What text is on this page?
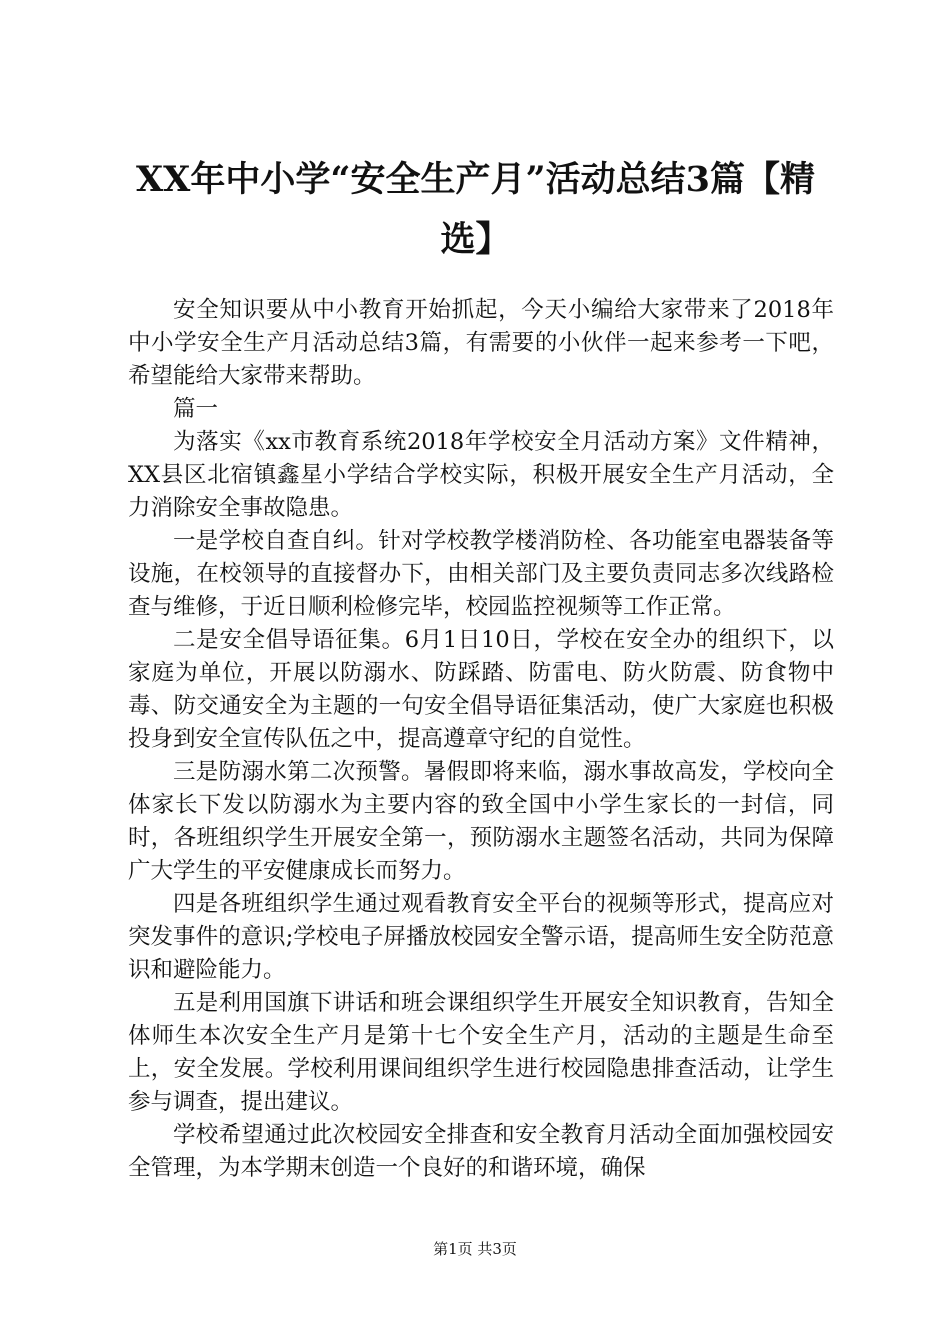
XX年中小学“安全生产月”活动总结3篇【精选】

安全知识要从中小教育开始抓起，今天小编给大家带来了2018年中小学安全生产月活动总结3篇，有需要的小伙伴一起来参考一下吧，希望能给大家带来帮助。

篇一

为落实《xx市教育系统2018年学校安全月活动方案》文件精神，XX县区北宿镇鑫星小学结合学校实际，积极开展安全生产月活动，全力消除安全事故隐患。

一是学校自查自纠。针对学校教学楼消防栓、各功能室电器装备等设施，在校领导的直接督办下，由相关部门及主要负责同志多次线路检查与维修，于近日顺利检修完毕，校园监控视频等工作正常。

二是安全倡导语征集。6月1日10日，学校在安全办的组织下，以家庭为单位，开展以防溺水、防踩踏、防雷电、防火防震、防食物中毒、防交通安全为主题的一句安全倡导语征集活动，使广大家庭也积极投身到安全宣传队伍之中，提高遵章守纪的自觉性。

三是防溺水第二次预警。暑假即将来临，溺水事故高发，学校向全体家长下发以防溺水为主要内容的致全国中小学生家长的一封信，同时，各班组织学生开展安全第一，预防溺水主题签名活动，共同为保障广大学生的平安健康成长而努力。

四是各班组织学生通过观看教育安全平台的视频等形式，提高应对突发事件的意识;学校电子屏播放校园安全警示语，提高师生安全防范意识和避险能力。

五是利用国旗下讲话和班会课组织学生开展安全知识教育，告知全体师生本次安全生产月是第十七个安全生产月，活动的主题是生命至上，安全发展。学校利用课间组织学生进行校园隐患排查活动，让学生参与调查，提出建议。

学校希望通过此次校园安全排查和安全教育月活动全面加强校园安全管理，为本学期末创造一个良好的和谐环境，确保

第1页 共3页
